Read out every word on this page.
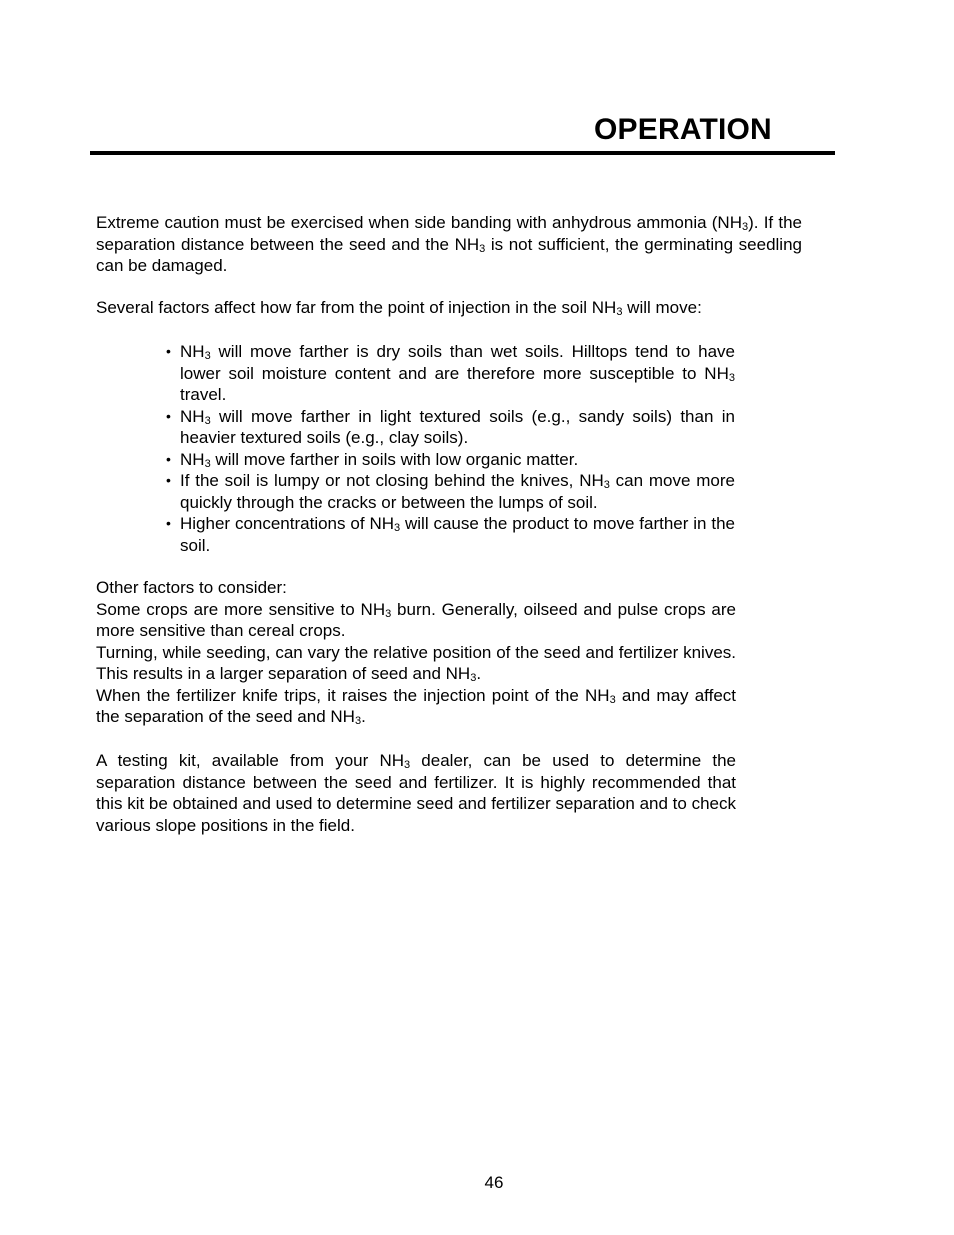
OPERATION
Extreme caution must be exercised when side banding with anhydrous ammonia $(NH_3)$. If the separation distance between the seed and the $NH_3$ is not sufficient, the germinating seedling can be damaged.
Several factors affect how far from the point of injection in the soil $NH_3$ will move:
• $NH_3$ will move farther is dry soils than wet soils. Hilltops tend to have lower soil moisture content and are therefore more susceptible to $NH_3$ travel.
• $NH_3$ will move farther in light textured soils (e.g., sandy soils) than in heavier textured soils (e.g., clay soils).
• $NH_3$ will move farther in soils with low organic matter.
• If the soil is lumpy or not closing behind the knives, $NH_3$ can move more quickly through the cracks or between the lumps of soil.
• Higher concentrations of $NH_3$ will cause the product to move farther in the soil.
Other factors to consider:
Some crops are more sensitive to $NH_3$ burn. Generally, oilseed and pulse crops are more sensitive than cereal crops.
Turning, while seeding, can vary the relative position of the seed and fertilizer knives. This results in a larger separation of seed and $NH_3$.
When the fertilizer knife trips, it raises the injection point of the $NH_3$ and may affect the separation of the seed and $NH_3$.
A testing kit, available from your $NH_3$ dealer, can be used to determine the separation distance between the seed and fertilizer. It is highly recommended that this kit be obtained and used to determine seed and fertilizer separation and to check various slope positions in the field.
46
